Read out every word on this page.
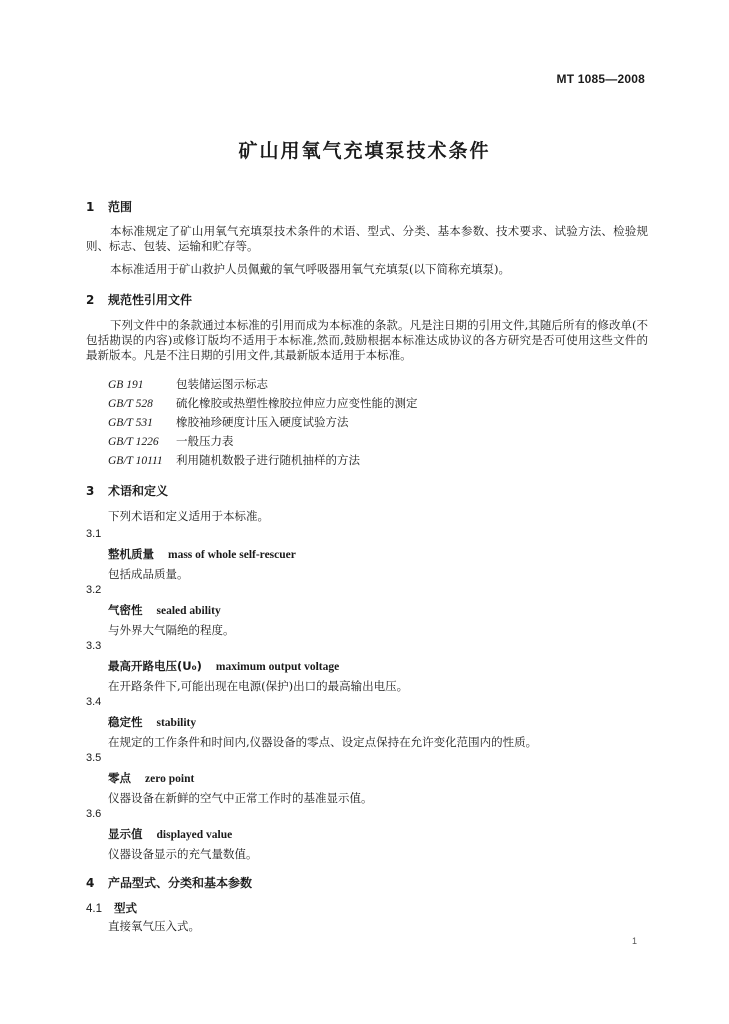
MT 1085—2008
矿山用氧气充填泵技术条件
1 范围
本标准规定了矿山用氧气充填泵技术条件的术语、型式、分类、基本参数、技术要求、试验方法、检验规则、标志、包装、运输和贮存等。
本标准适用于矿山救护人员佩戴的氧气呼吸器用氧气充填泵(以下简称充填泵)。
2 规范性引用文件
下列文件中的条款通过本标准的引用而成为本标准的条款。凡是注日期的引用文件,其随后所有的修改单(不包括勘误的内容)或修订版均不适用于本标准,然而,鼓励根据本标准达成协议的各方研究是否可使用这些文件的最新版本。凡是不注日期的引用文件,其最新版本适用于本标准。
GB 191	包装储运图示标志
GB/T 528 硫化橡胶或热塑性橡胶拉伸应力应变性能的测定
GB/T 531 橡胶袖珍硬度计压入硬度试验方法
GB/T 1226 一般压力表
GB/T 10111 利用随机数骰子进行随机抽样的方法
3 术语和定义
下列术语和定义适用于本标准。
3.1
整机质量 mass of whole self-rescuer
包括成品质量。
3.2
气密性 sealed ability
与外界大气隔绝的程度。
3.3
最高开路电压(U₀) maximum output voltage
在开路条件下,可能出现在电源(保护)出口的最高输出电压。
3.4
稳定性 stability
在规定的工作条件和时间内,仪器设备的零点、设定点保持在允许变化范围内的性质。
3.5
零点 zero point
仪器设备在新鲜的空气中正常工作时的基准显示值。
3.6
显示值 displayed value
仪器设备显示的充气量数值。
4 产品型式、分类和基本参数
4.1 型式
直接氧气压入式。
1
